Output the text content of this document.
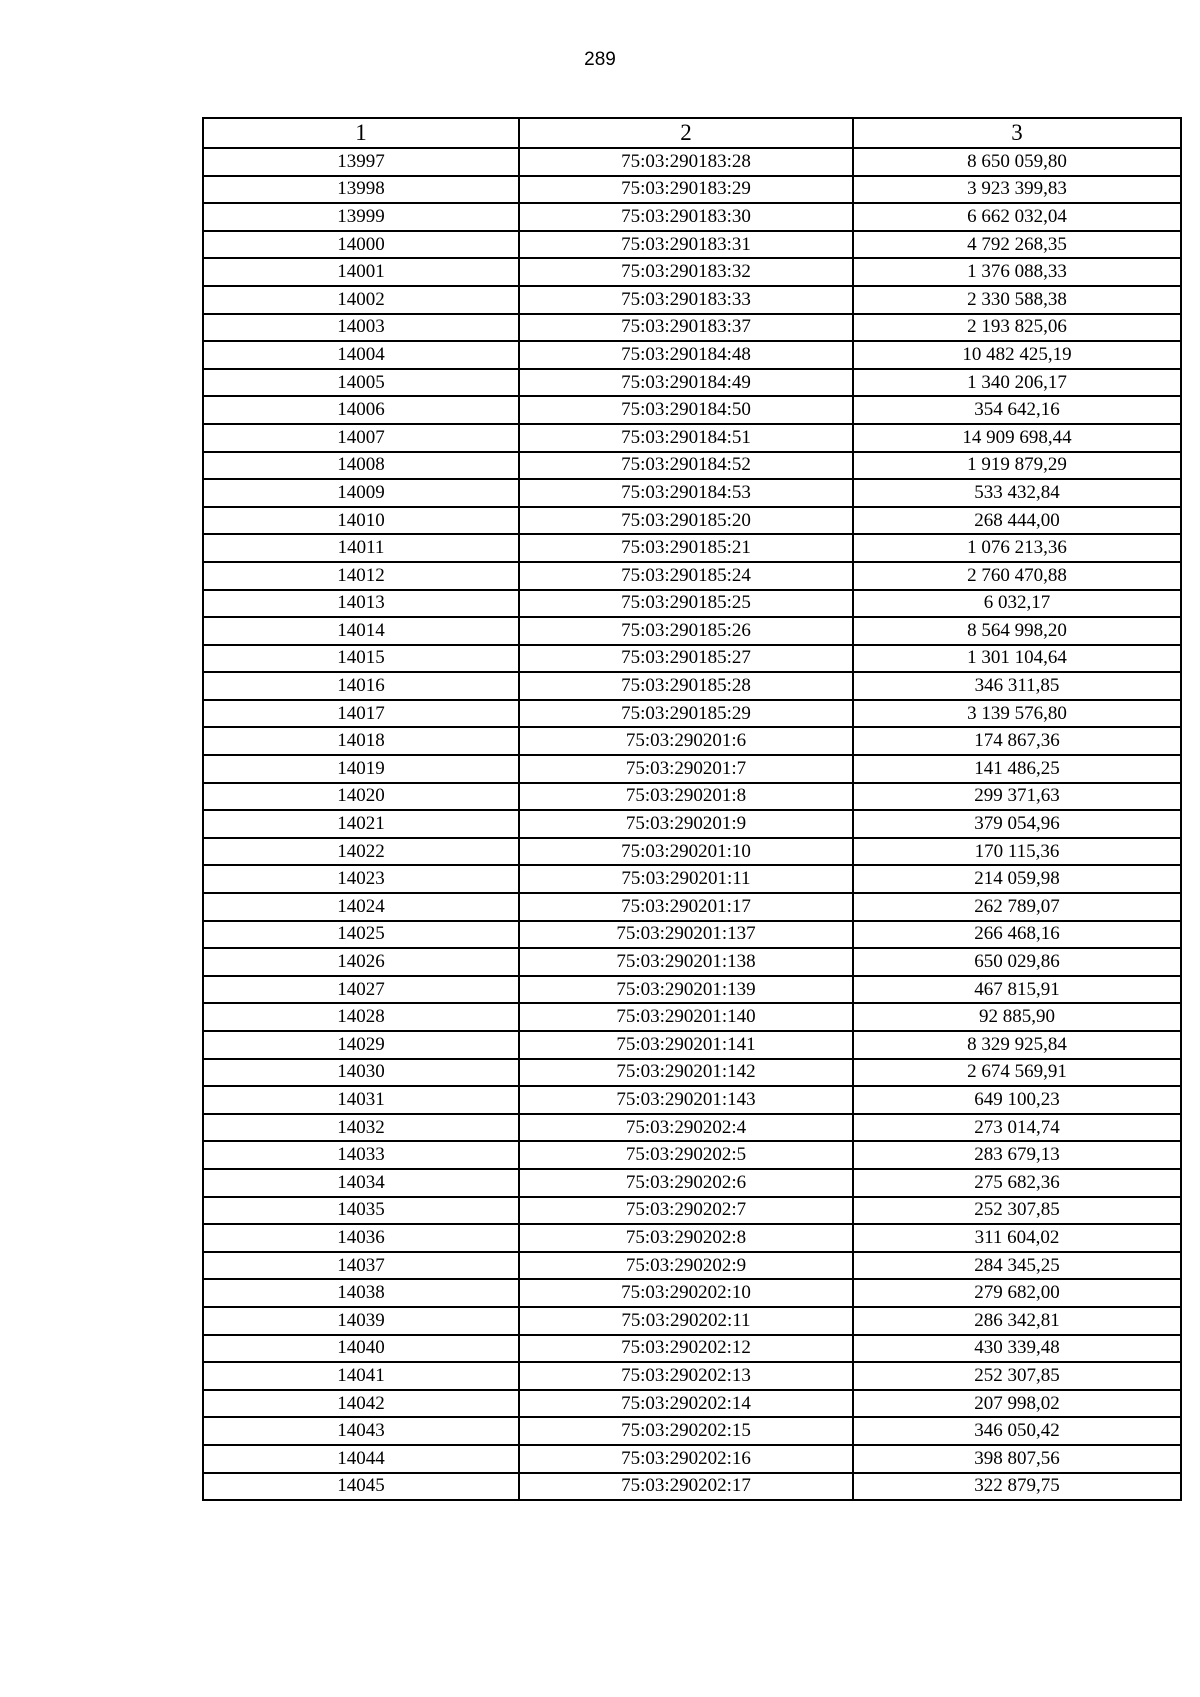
289
1	2	3
13997	75:03:290183:28	8 650 059,80
13998	75:03:290183:29	3 923 399,83
13999	75:03:290183:30	6 662 032,04
14000	75:03:290183:31	4 792 268,35
14001	75:03:290183:32	1 376 088,33
14002	75:03:290183:33	2 330 588,38
14003	75:03:290183:37	2 193 825,06
14004	75:03:290184:48	10 482 425,19
14005	75:03:290184:49	1 340 206,17
14006	75:03:290184:50	354 642,16
14007	75:03:290184:51	14 909 698,44
14008	75:03:290184:52	1 919 879,29
14009	75:03:290184:53	533 432,84
14010	75:03:290185:20	268 444,00
14011	75:03:290185:21	1 076 213,36
14012	75:03:290185:24	2 760 470,88
14013	75:03:290185:25	6 032,17
14014	75:03:290185:26	8 564 998,20
14015	75:03:290185:27	1 301 104,64
14016	75:03:290185:28	346 311,85
14017	75:03:290185:29	3 139 576,80
14018	75:03:290201:6	174 867,36
14019	75:03:290201:7	141 486,25
14020	75:03:290201:8	299 371,63
14021	75:03:290201:9	379 054,96
14022	75:03:290201:10	170 115,36
14023	75:03:290201:11	214 059,98
14024	75:03:290201:17	262 789,07
14025	75:03:290201:137	266 468,16
14026	75:03:290201:138	650 029,86
14027	75:03:290201:139	467 815,91
14028	75:03:290201:140	92 885,90
14029	75:03:290201:141	8 329 925,84
14030	75:03:290201:142	2 674 569,91
14031	75:03:290201:143	649 100,23
14032	75:03:290202:4	273 014,74
14033	75:03:290202:5	283 679,13
14034	75:03:290202:6	275 682,36
14035	75:03:290202:7	252 307,85
14036	75:03:290202:8	311 604,02
14037	75:03:290202:9	284 345,25
14038	75:03:290202:10	279 682,00
14039	75:03:290202:11	286 342,81
14040	75:03:290202:12	430 339,48
14041	75:03:290202:13	252 307,85
14042	75:03:290202:14	207 998,02
14043	75:03:290202:15	346 050,42
14044	75:03:290202:16	398 807,56
14045	75:03:290202:17	322 879,75
